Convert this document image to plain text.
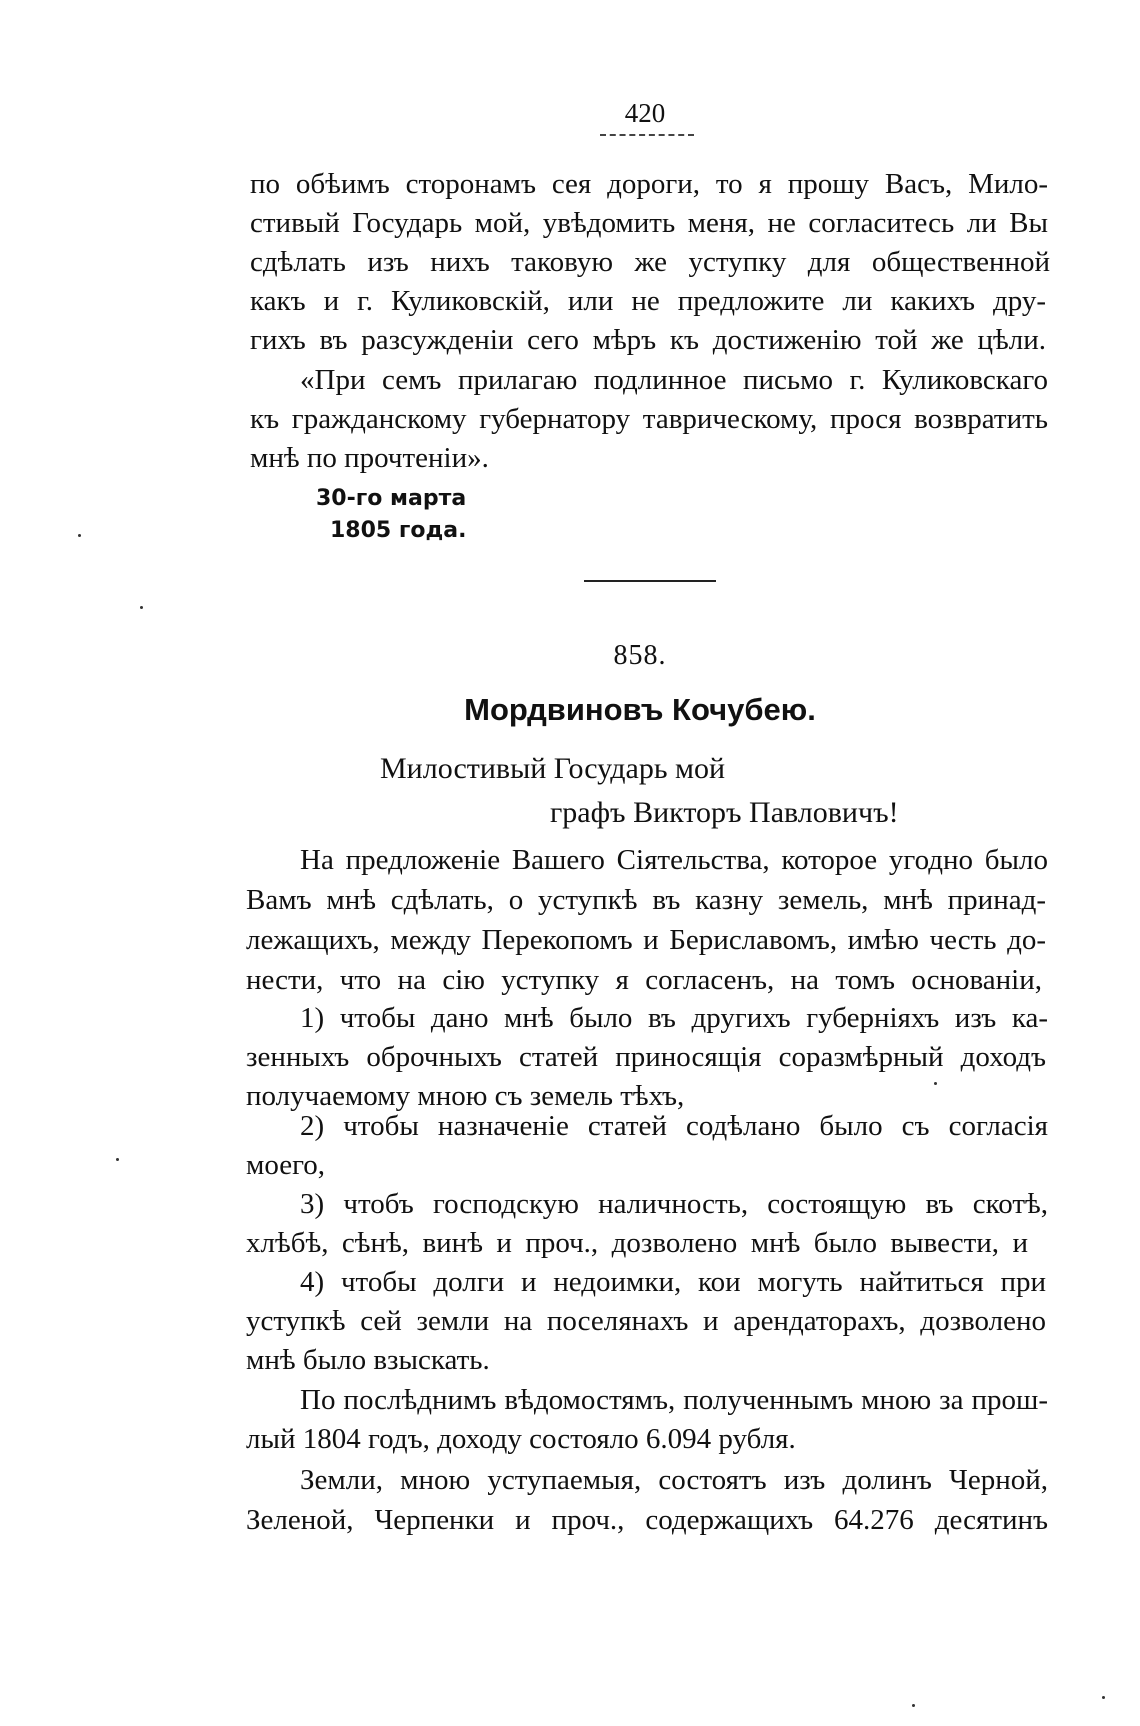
420
по обѣимъ сторонамъ сея дороги, то я прошу Васъ, Мило-
стивый Государь мой, увѣдомить меня, не согласитесь ли Вы
сдѣлать изъ нихъ таковую же уступку для общественной
какъ и г. Куликовскій, или не предложите ли какихъ дру-
гихъ въ разсужденіи сего мѣръ къ достиженію той же цѣли.
«При семъ прилагаю подлинное письмо г. Куликовскаго
къ гражданскому губернатору таврическому, прося возвратить
мнѣ по прочтеніи».
30-го марта
1805 года.
858.
Мордвиновъ Кочубею.
Милостивый Государь мой
графъ Викторъ Павловичъ!
На предложеніе Вашего Сіятельства, которое угодно было
Вамъ мнѣ сдѣлать, о уступкѣ въ казну земель, мнѣ принад-
лежащихъ, между Перекопомъ и Бериславомъ, имѣю честь до-
нести, что на сію уступку я согласенъ, на томъ основаніи,
1) чтобы дано мнѣ было въ другихъ губерніяхъ изъ ка-
зенныхъ оброчныхъ статей приносящія соразмѣрный доходъ
получаемому мною съ земель тѣхъ,
2) чтобы назначеніе статей содѣлано было съ согласія
моего,
3) чтобъ господскую наличность, состоящую въ скотѣ,
хлѣбѣ, сѣнѣ, винѣ и проч., дозволено мнѣ было вывести, и
4) чтобы долги и недоимки, кои могуть найтиться при
уступкѣ сей земли на поселянахъ и арендаторахъ, дозволено
мнѣ было взыскать.
По послѣднимъ вѣдомостямъ, полученнымъ мною за прош-
лый 1804 годъ, доходу состояло 6.094 рубля.
Земли, мною уступаемыя, состоятъ изъ долинъ Черной,
Зеленой, Черпенки и проч., содержащихъ 64.276 десятинъ
